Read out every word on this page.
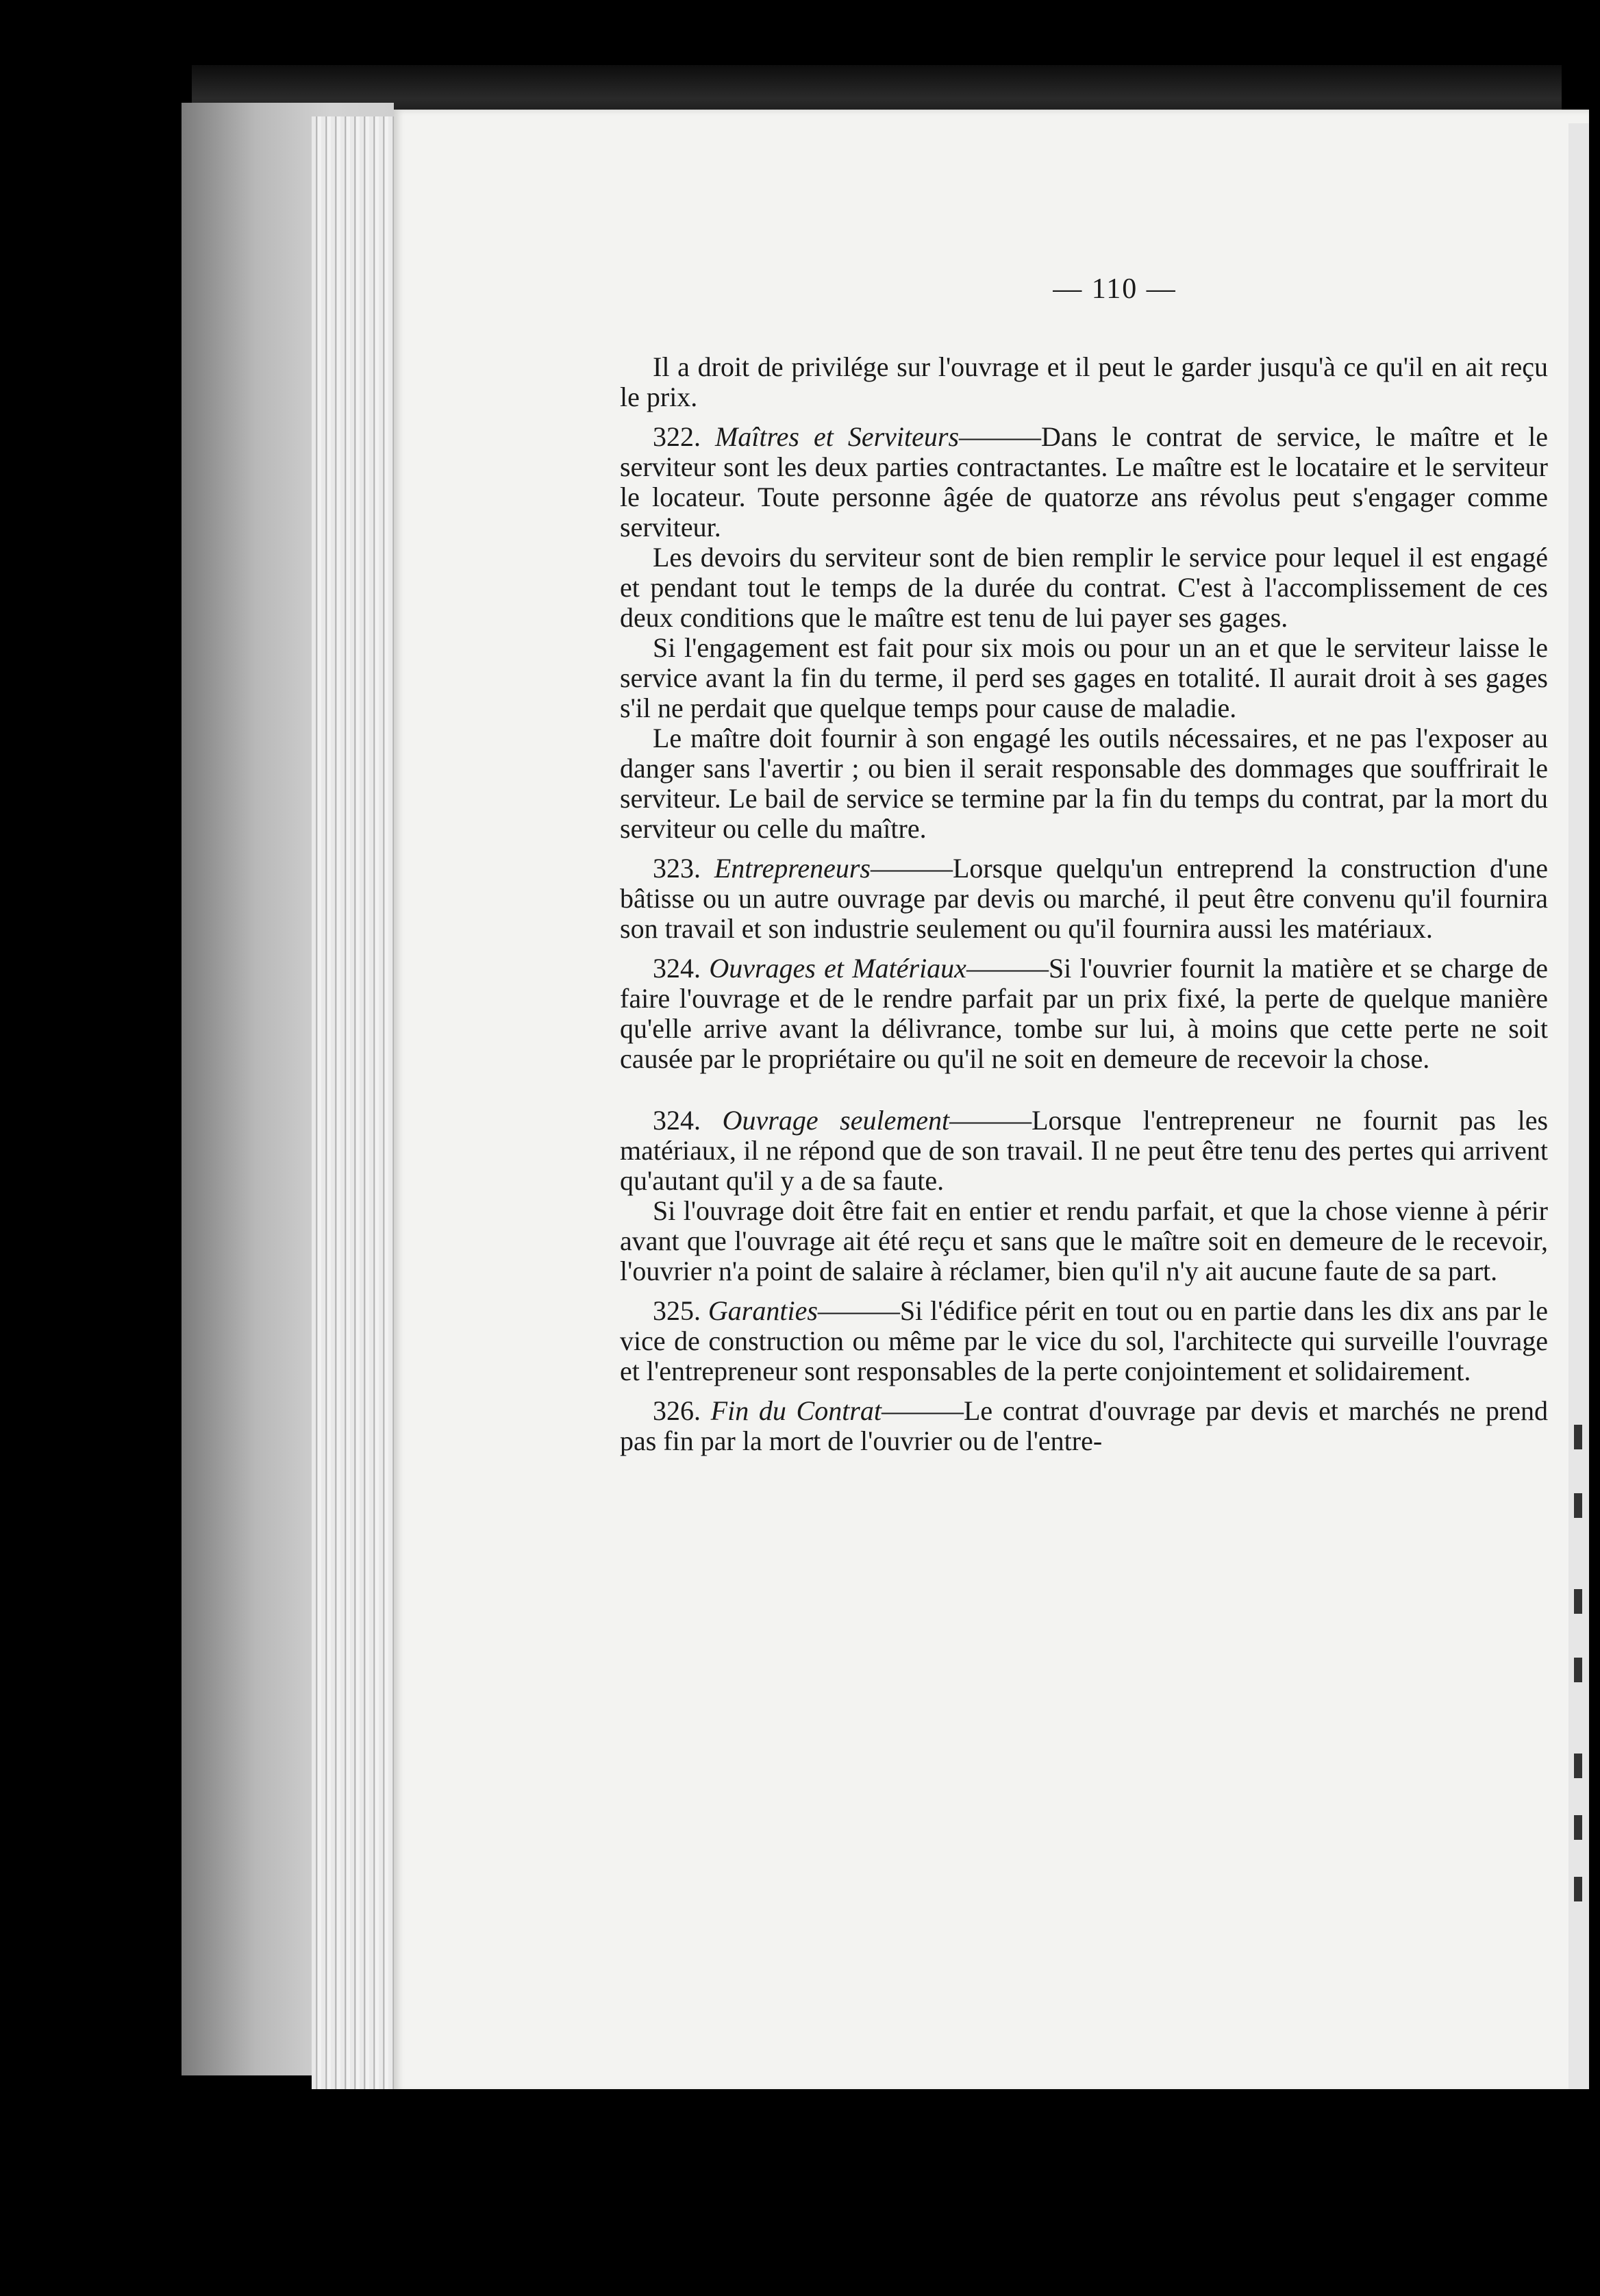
— 110 —

Il a droit de privilége sur l'ouvrage et il peut le garder jusqu'à ce qu'il en ait reçu le prix.

322. Maîtres et Serviteurs———Dans le contrat de service, le maître et le serviteur sont les deux parties contractantes. Le maître est le locataire et le serviteur le locateur. Toute personne âgée de quatorze ans révolus peut s'engager comme serviteur.

Les devoirs du serviteur sont de bien remplir le service pour lequel il est engagé et pendant tout le temps de la durée du contrat. C'est à l'accomplissement de ces deux conditions que le maître est tenu de lui payer ses gages.

Si l'engagement est fait pour six mois ou pour un an et que le serviteur laisse le service avant la fin du terme, il perd ses gages en totalité. Il aurait droit à ses gages s'il ne perdait que quelque temps pour cause de maladie.

Le maître doit fournir à son engagé les outils nécessaires, et ne pas l'exposer au danger sans l'avertir ; ou bien il serait responsable des dommages que souffrirait le serviteur. Le bail de service se termine par la fin du temps du contrat, par la mort du serviteur ou celle du maître.

323. Entrepreneurs———Lorsque quelqu'un entreprend la construction d'une bâtisse ou un autre ouvrage par devis ou marché, il peut être convenu qu'il fournira son travail et son industrie seulement ou qu'il fournira aussi les matériaux.

324. Ouvrages et Matériaux———Si l'ouvrier fournit la matière et se charge de faire l'ouvrage et de le rendre parfait par un prix fixé, la perte de quelque manière qu'elle arrive avant la délivrance, tombe sur lui, à moins que cette perte ne soit causée par le propriétaire ou qu'il ne soit en demeure de recevoir la chose.

324. Ouvrage seulement———Lorsque l'entrepreneur ne fournit pas les matériaux, il ne répond que de son travail. Il ne peut être tenu des pertes qui arrivent qu'autant qu'il y a de sa faute.

Si l'ouvrage doit être fait en entier et rendu parfait, et que la chose vienne à périr avant que l'ouvrage ait été reçu et sans que le maître soit en demeure de le recevoir, l'ouvrier n'a point de salaire à réclamer, bien qu'il n'y ait aucune faute de sa part.

325. Garanties———Si l'édifice périt en tout ou en partie dans les dix ans par le vice de construction ou même par le vice du sol, l'architecte qui surveille l'ouvrage et l'entrepreneur sont responsables de la perte conjointement et solidairement.

326. Fin du Contrat———Le contrat d'ouvrage par devis et marchés ne prend pas fin par la mort de l'ouvrier ou de l'entre-
